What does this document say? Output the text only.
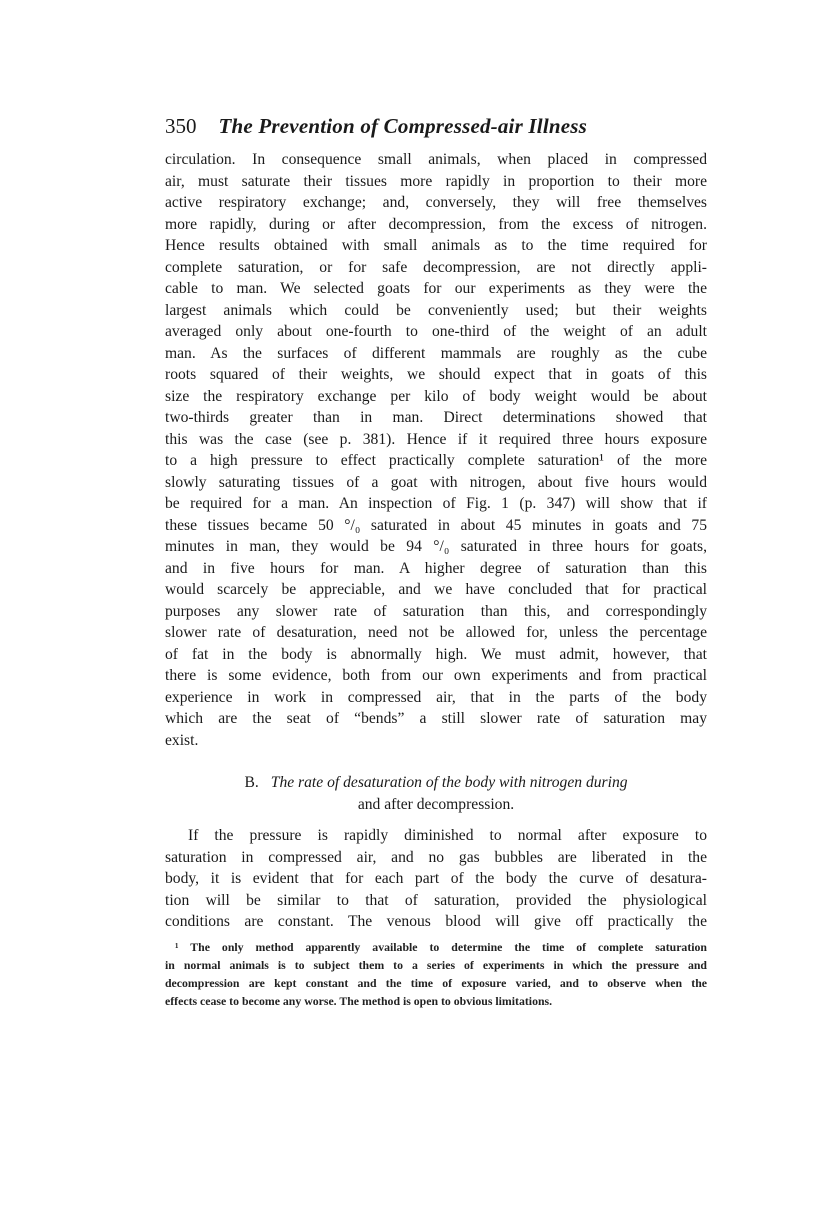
350 The Prevention of Compressed-air Illness
circulation. In consequence small animals, when placed in compressed
air, must saturate their tissues more rapidly in proportion to their more
active respiratory exchange; and, conversely, they will free themselves
more rapidly, during or after decompression, from the excess of nitrogen.
Hence results obtained with small animals as to the time required for
complete saturation, or for safe decompression, are not directly appli-
cable to man. We selected goats for our experiments as they were the
largest animals which could be conveniently used; but their weights
averaged only about one-fourth to one-third of the weight of an adult
man. As the surfaces of different mammals are roughly as the cube
roots squared of their weights, we should expect that in goats of this
size the respiratory exchange per kilo of body weight would be about
two-thirds greater than in man. Direct determinations showed that
this was the case (see p. 381). Hence if it required three hours exposure
to a high pressure to effect practically complete saturation¹ of the more
slowly saturating tissues of a goat with nitrogen, about five hours would
be required for a man. An inspection of Fig. 1 (p. 347) will show that if
these tissues became 50 °/₀ saturated in about 45 minutes in goats and 75
minutes in man, they would be 94 °/₀ saturated in three hours for goats,
and in five hours for man. A higher degree of saturation than this
would scarcely be appreciable, and we have concluded that for practical
purposes any slower rate of saturation than this, and correspondingly
slower rate of desaturation, need not be allowed for, unless the percentage
of fat in the body is abnormally high. We must admit, however, that
there is some evidence, both from our own experiments and from practical
experience in work in compressed air, that in the parts of the body
which are the seat of “bends” a still slower rate of saturation may
exist.
B. The rate of desaturation of the body with nitrogen during
and after decompression.
If the pressure is rapidly diminished to normal after exposure to
saturation in compressed air, and no gas bubbles are liberated in the
body, it is evident that for each part of the body the curve of desatura-
tion will be similar to that of saturation, provided the physiological
conditions are constant. The venous blood will give off practically the
¹ The only method apparently available to determine the time of complete saturation
in normal animals is to subject them to a series of experiments in which the pressure and
decompression are kept constant and the time of exposure varied, and to observe when the
effects cease to become any worse. The method is open to obvious limitations.
